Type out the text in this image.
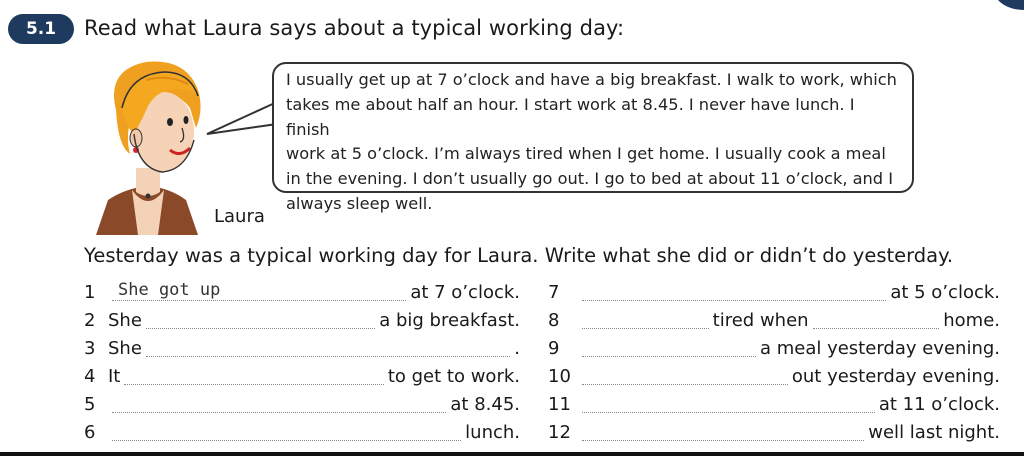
5.1	Read what Laura says about a typical working day:
Laura
I usually get up at 7 o’clock and have a big breakfast. I walk to work, which
takes me about half an hour. I start work at 8.45. I never have lunch. I finish
work at 5 o’clock. I’m always tired when I get home. I usually cook a meal
in the evening. I don’t usually go out. I go to bed at about 11 o’clock, and I
always sleep well.
Yesterday was a typical working day for Laura. Write what she did or didn’t do yesterday.
1	She got up	at 7 o’clock.
2 She	a big breakfast.
3 She	.
4 It	to get to work.
5	at 8.45.
6	lunch.
7	at 5 o’clock.
8	tired when	home.
9	a meal yesterday evening.
10	out yesterday evening.
11	at 11 o’clock.
12	well last night.
